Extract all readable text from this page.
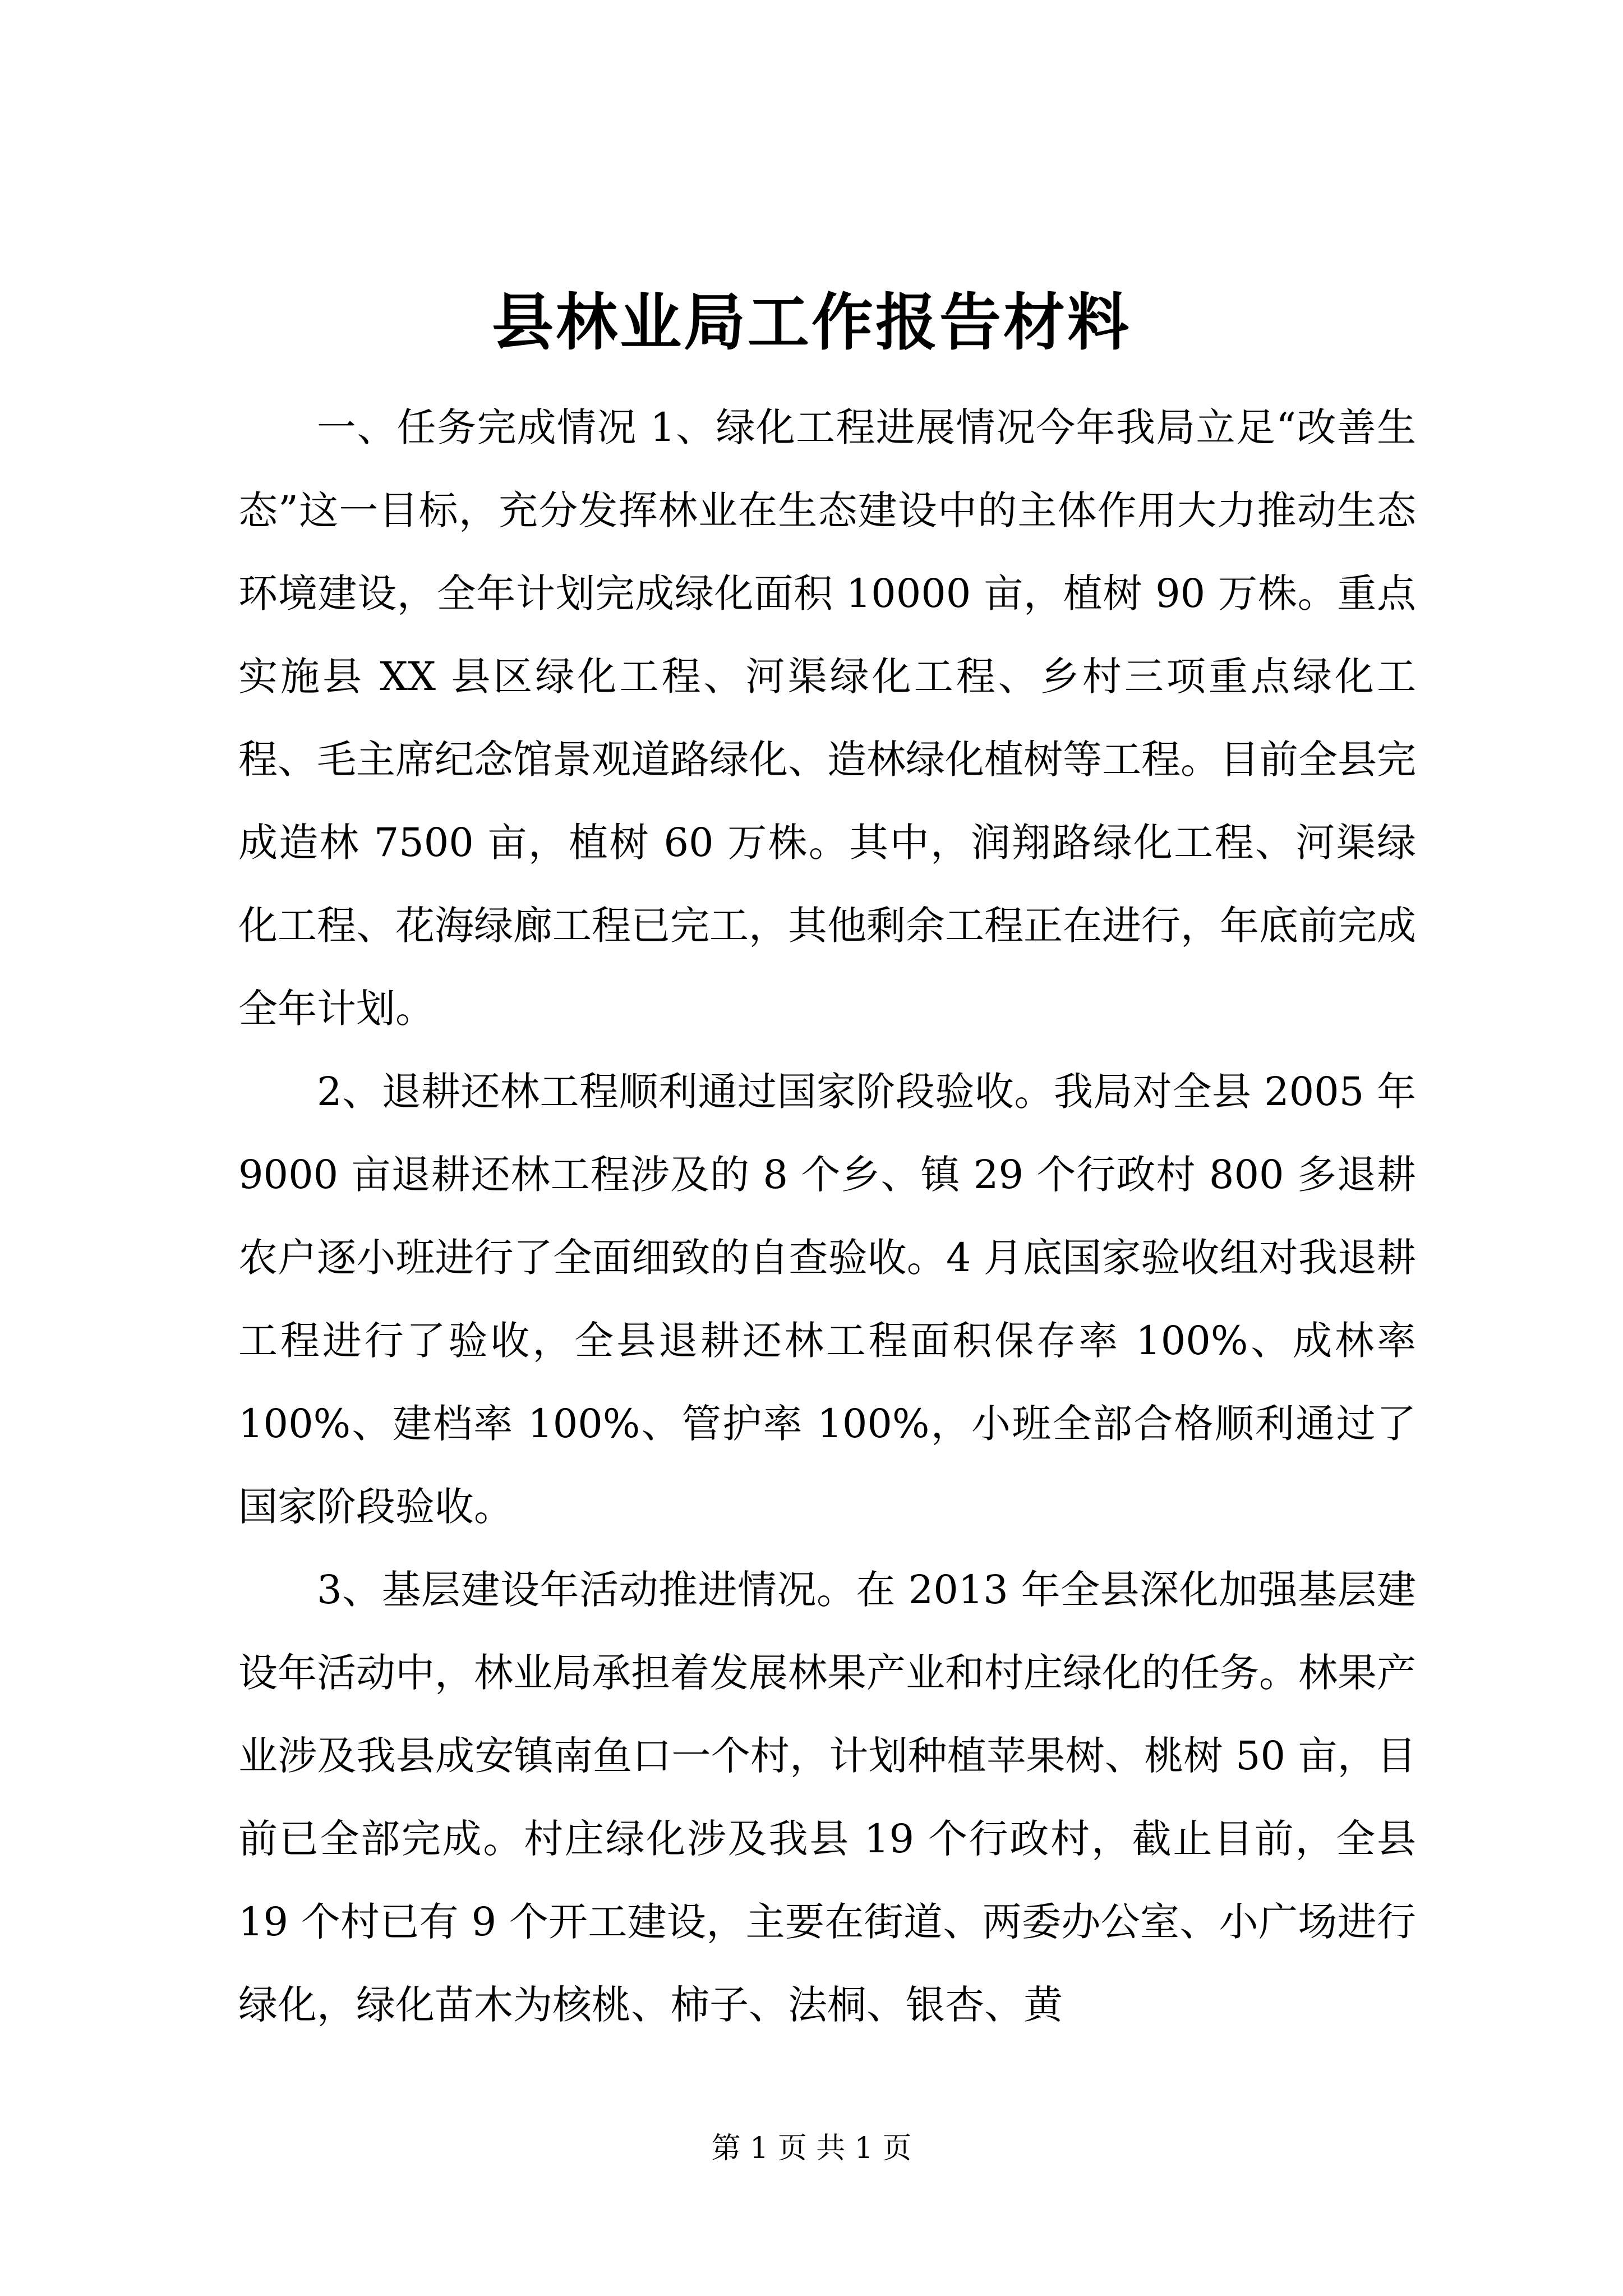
县林业局工作报告材料

一、任务完成情况 1、绿化工程进展情况今年我局立足“改善生态”这一目标，充分发挥林业在生态建设中的主体作用大力推动生态环境建设，全年计划完成绿化面积 10000 亩，植树 90 万株。重点实施县 XX 县区绿化工程、河渠绿化工程、乡村三项重点绿化工程、毛主席纪念馆景观道路绿化、造林绿化植树等工程。目前全县完成造林 7500 亩，植树 60 万株。其中，润翔路绿化工程、河渠绿化工程、花海绿廊工程已完工，其他剩余工程正在进行，年底前完成全年计划。

2、退耕还林工程顺利通过国家阶段验收。我局对全县 2005 年 9000 亩退耕还林工程涉及的 8 个乡、镇 29 个行政村 800 多退耕农户逐小班进行了全面细致的自查验收。4 月底国家验收组对我退耕工程进行了验收，全县退耕还林工程面积保存率 100%、成林率 100%、建档率 100%、管护率 100%，小班全部合格顺利通过了国家阶段验收。

3、基层建设年活动推进情况。在 2013 年全县深化加强基层建设年活动中，林业局承担着发展林果产业和村庄绿化的任务。林果产业涉及我县成安镇南鱼口一个村，计划种植苹果树、桃树 50 亩，目前已全部完成。村庄绿化涉及我县 19 个行政村，截止目前，全县 19 个村已有 9 个开工建设，主要在街道、两委办公室、小广场进行绿化，绿化苗木为核桃、柿子、法桐、银杏、黄

第 1 页 共 1 页
